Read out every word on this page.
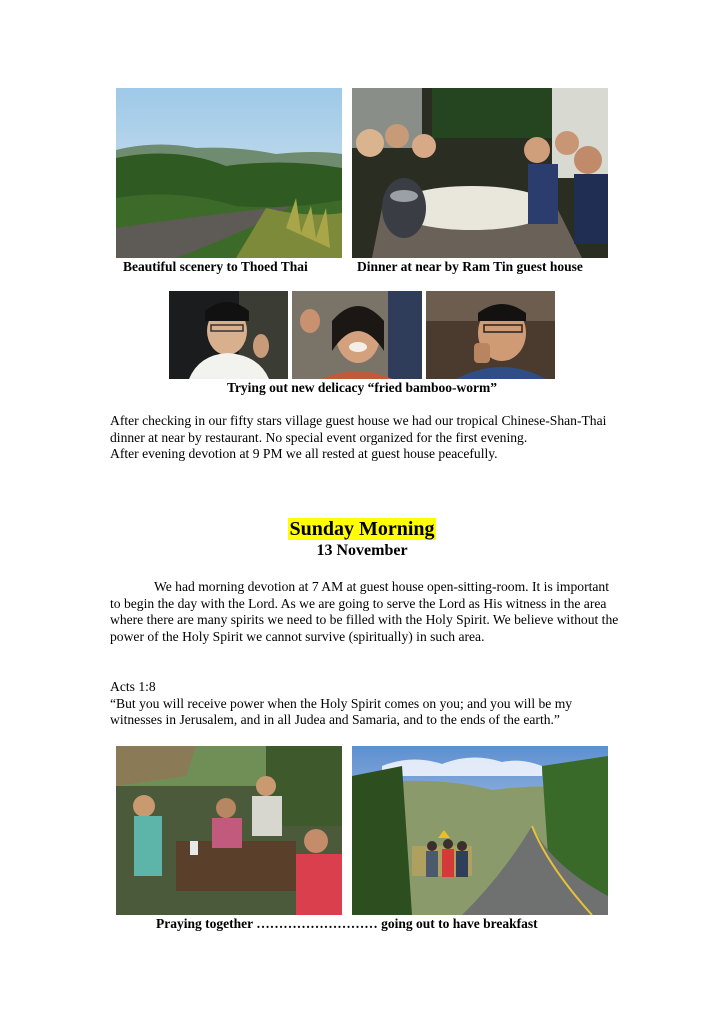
Beautiful scenery to Thoed Thai	Dinner at near by Ram Tin guest house
Trying out new delicacy “fried bamboo-worm”

After checking in our fifty stars village guest house we had our tropical Chinese-Shan-Thai dinner at near by restaurant. No special event organized for the first evening.

After evening devotion at 9 PM we all rested at guest house peacefully.

Sunday Morning
13 November

We had morning devotion at 7 AM at guest house open-sitting-room. It is important to begin the day with the Lord. As we are going to serve the Lord as His witness in the area where there are many spirits we need to be filled with the Holy Spirit. We believe without the power of the Holy Spirit we cannot survive (spiritually) in such area.

Acts 1:8

“But you will receive power when the Holy Spirit comes on you; and you will be my witnesses in Jerusalem, and in all Judea and Samaria, and to the ends of the earth.”

Praying together ……………………… going out to have breakfast
